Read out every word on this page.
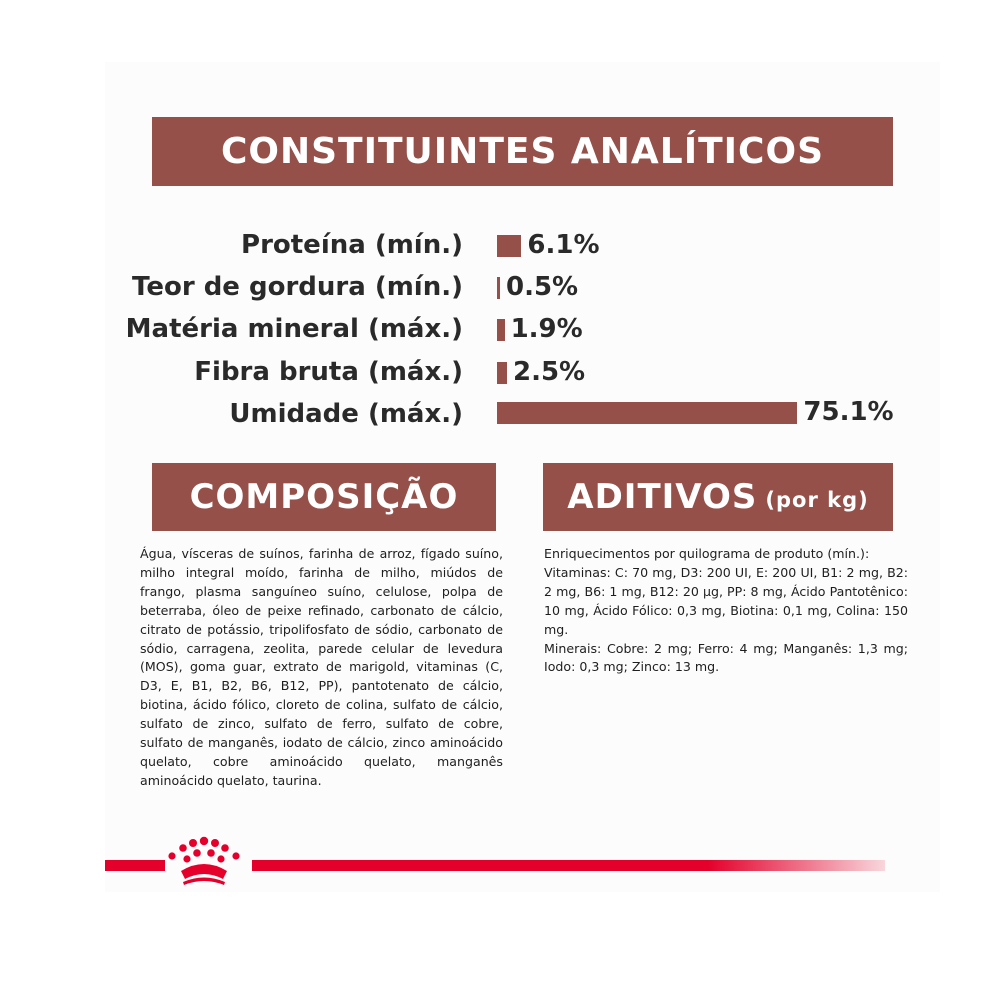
CONSTITUINTES ANALÍTICOS
Proteína (mín.)
Teor de gordura (mín.)
Matéria mineral (máx.)
Fibra bruta (máx.)
Umidade (máx.)
6.1%
0.5%
1.9%
2.5%
75.1%
COMPOSIÇÃO	ADITIVOS (por kg)
Água, vísceras de suínos, farinha de arroz, fígado suíno, milho integral moído, farinha de milho, miúdos de frango, plasma sanguíneo suíno, celulose, polpa de beterraba, óleo de peixe refinado, carbonato de cálcio, citrato de potássio, tripolifosfato de sódio, carbonato de sódio, carragena, zeolita, parede celular de levedura (MOS), goma guar, extrato de marigold, vitaminas (C, D3, E, B1, B2, B6, B12, PP), pantotenato de cálcio, biotina, ácido fólico, cloreto de colina, sulfato de cálcio, sulfato de zinco, sulfato de ferro, sulfato de cobre, sulfato de manganês, iodato de cálcio, zinco aminoácido quelato, cobre aminoácido quelato, manganês aminoácido quelato, taurina.

Enriquecimentos por quilograma de produto (mín.):

Vitaminas: C: 70 mg, D3: 200 UI, E: 200 UI, B1: 2 mg, B2: 2 mg, B6: 1 mg, B12: 20 µg, PP: 8 mg, Ácido Pantotênico: 10 mg, Ácido Fólico: 0,3 mg, Biotina: 0,1 mg, Colina: 150 mg.

Minerais: Cobre: 2 mg; Ferro: 4 mg; Manganês: 1,3 mg; Iodo: 0,3 mg; Zinco: 13 mg.
